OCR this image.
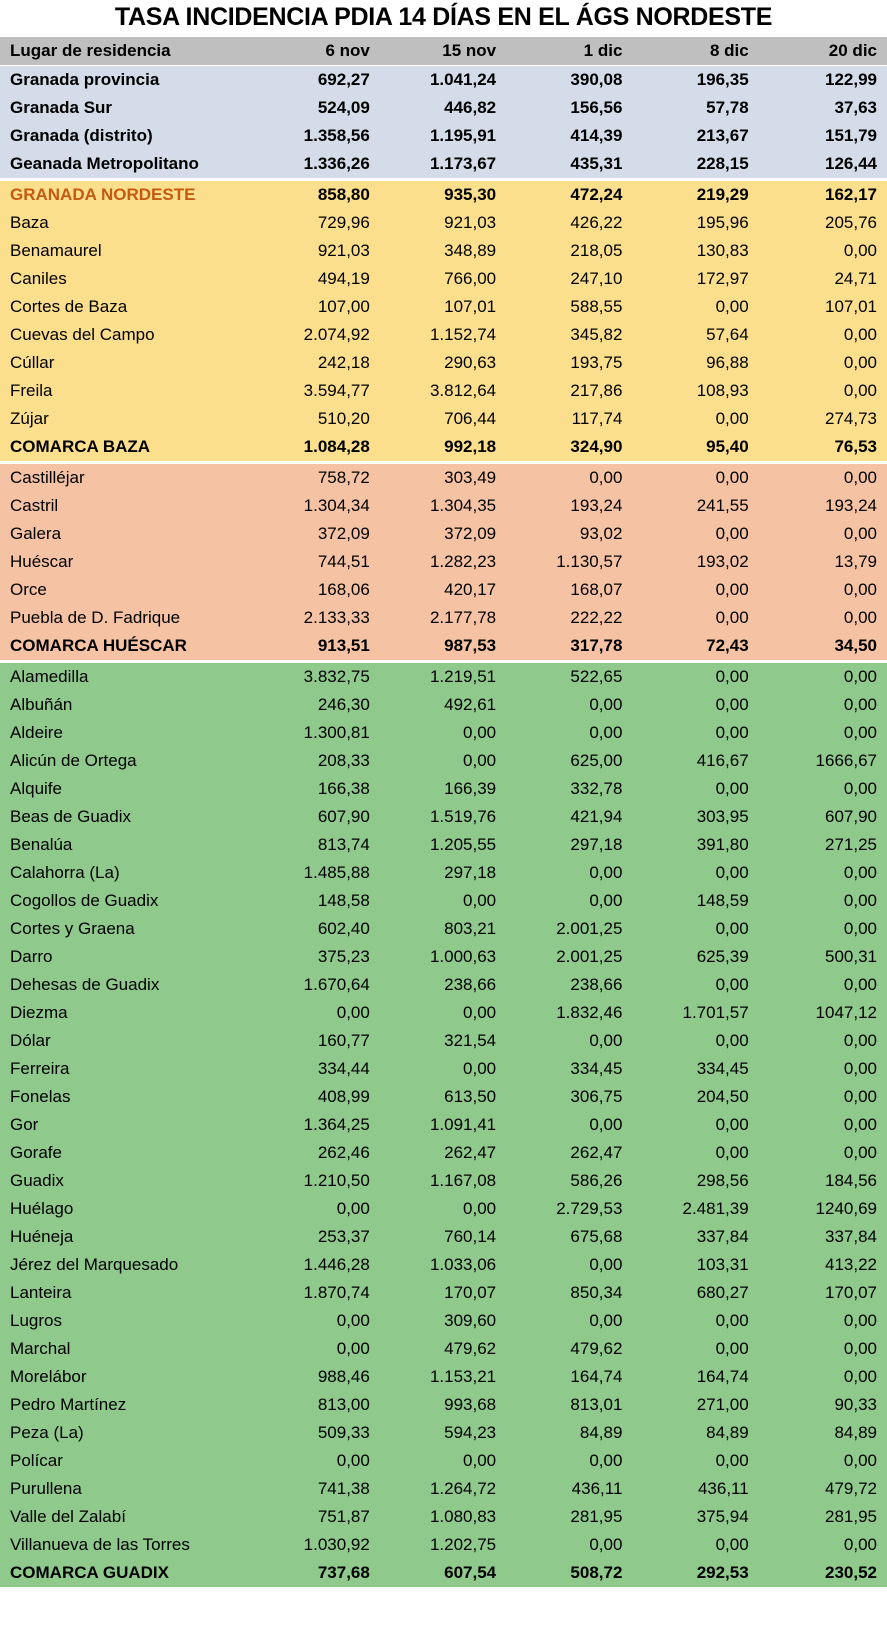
TASA INCIDENCIA PDIA 14 DÍAS EN EL ÁGS NORDESTE
Lugar de residencia	6 nov	15 nov	1 dic	8 dic	20 dic
Granada provincia	692,27	1.041,24	390,08	196,35	122,99
Granada Sur	524,09	446,82	156,56	57,78	37,63
Granada (distrito)	1.358,56	1.195,91	414,39	213,67	151,79
Geanada Metropolitano	1.336,26	1.173,67	435,31	228,15	126,44

GRANADA NORDESTE	858,80	935,30	472,24	219,29	162,17
Baza	729,96	921,03	426,22	195,96	205,76
Benamaurel	921,03	348,89	218,05	130,83	0,00
Caniles	494,19	766,00	247,10	172,97	24,71
Cortes de Baza	107,00	107,01	588,55	0,00	107,01
Cuevas del Campo	2.074,92	1.152,74	345,82	57,64	0,00
Cúllar	242,18	290,63	193,75	96,88	0,00
Freila	3.594,77	3.812,64	217,86	108,93	0,00
Zújar	510,20	706,44	117,74	0,00	274,73
COMARCA BAZA	1.084,28	992,18	324,90	95,40	76,53

Castilléjar	758,72	303,49	0,00	0,00	0,00
Castril	1.304,34	1.304,35	193,24	241,55	193,24
Galera	372,09	372,09	93,02	0,00	0,00
Huéscar	744,51	1.282,23	1.130,57	193,02	13,79
Orce	168,06	420,17	168,07	0,00	0,00
Puebla de D. Fadrique	2.133,33	2.177,78	222,22	0,00	0,00
COMARCA HUÉSCAR	913,51	987,53	317,78	72,43	34,50

Alamedilla	3.832,75	1.219,51	522,65	0,00	0,00
Albuñán	246,30	492,61	0,00	0,00	0,00
Aldeire	1.300,81	0,00	0,00	0,00	0,00
Alicún de Ortega	208,33	0,00	625,00	416,67	1666,67
Alquife	166,38	166,39	332,78	0,00	0,00
Beas de Guadix	607,90	1.519,76	421,94	303,95	607,90
Benalúa	813,74	1.205,55	297,18	391,80	271,25
Calahorra (La)	1.485,88	297,18	0,00	0,00	0,00
Cogollos de Guadix	148,58	0,00	0,00	148,59	0,00
Cortes y Graena	602,40	803,21	2.001,25	0,00	0,00
Darro	375,23	1.000,63	2.001,25	625,39	500,31
Dehesas de Guadix	1.670,64	238,66	238,66	0,00	0,00
Diezma	0,00	0,00	1.832,46	1.701,57	1047,12
Dólar	160,77	321,54	0,00	0,00	0,00
Ferreira	334,44	0,00	334,45	334,45	0,00
Fonelas	408,99	613,50	306,75	204,50	0,00
Gor	1.364,25	1.091,41	0,00	0,00	0,00
Gorafe	262,46	262,47	262,47	0,00	0,00
Guadix	1.210,50	1.167,08	586,26	298,56	184,56
Huélago	0,00	0,00	2.729,53	2.481,39	1240,69
Huéneja	253,37	760,14	675,68	337,84	337,84
Jérez del Marquesado	1.446,28	1.033,06	0,00	103,31	413,22
Lanteira	1.870,74	170,07	850,34	680,27	170,07
Lugros	0,00	309,60	0,00	0,00	0,00
Marchal	0,00	479,62	479,62	0,00	0,00
Morelábor	988,46	1.153,21	164,74	164,74	0,00
Pedro Martínez	813,00	993,68	813,01	271,00	90,33
Peza (La)	509,33	594,23	84,89	84,89	84,89
Polícar	0,00	0,00	0,00	0,00	0,00
Purullena	741,38	1.264,72	436,11	436,11	479,72
Valle del Zalabí	751,87	1.080,83	281,95	375,94	281,95
Villanueva de las Torres	1.030,92	1.202,75	0,00	0,00	0,00
COMARCA GUADIX	737,68	607,54	508,72	292,53	230,52
